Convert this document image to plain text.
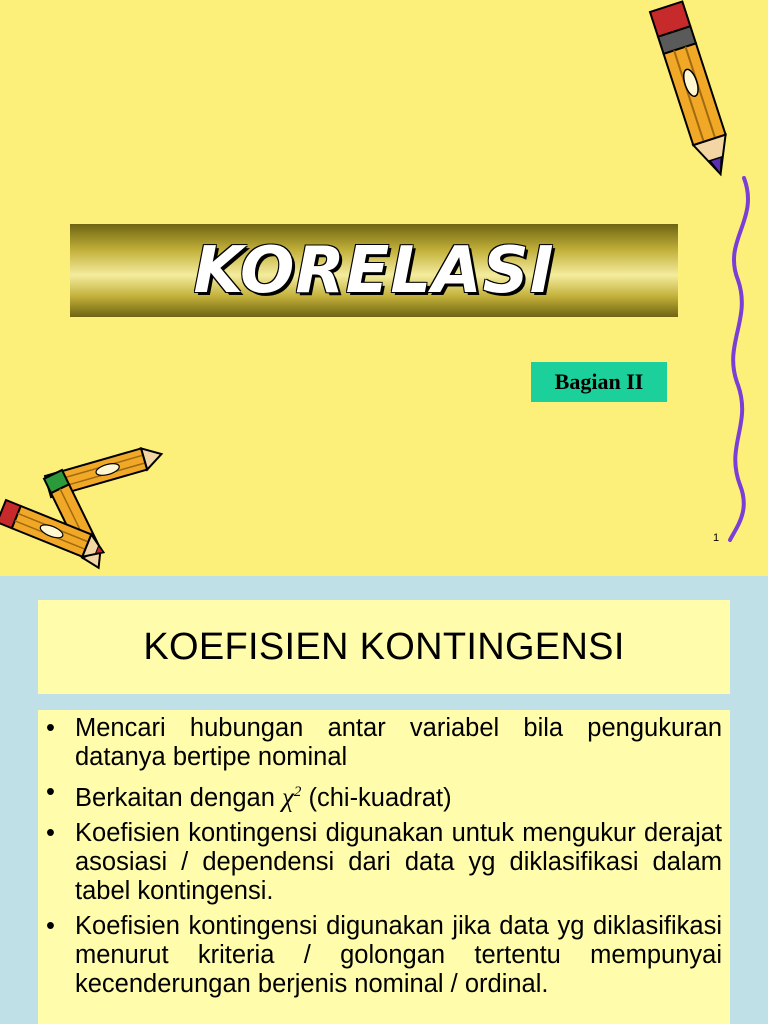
KORELASI
Bagian II
1
KOEFISIEN KONTINGENSI
• Mencari hubungan antar variabel bila pengukuran datanya bertipe nominal
• Berkaitan dengan $\chi^2$ (chi-kuadrat)
• Koefisien kontingensi digunakan untuk mengukur derajat asosiasi / dependensi dari data yg diklasifikasi dalam tabel kontingensi.
• Koefisien kontingensi digunakan jika data yg diklasifikasi menurut kriteria / golongan tertentu mempunyai kecenderungan berjenis nominal / ordinal.
